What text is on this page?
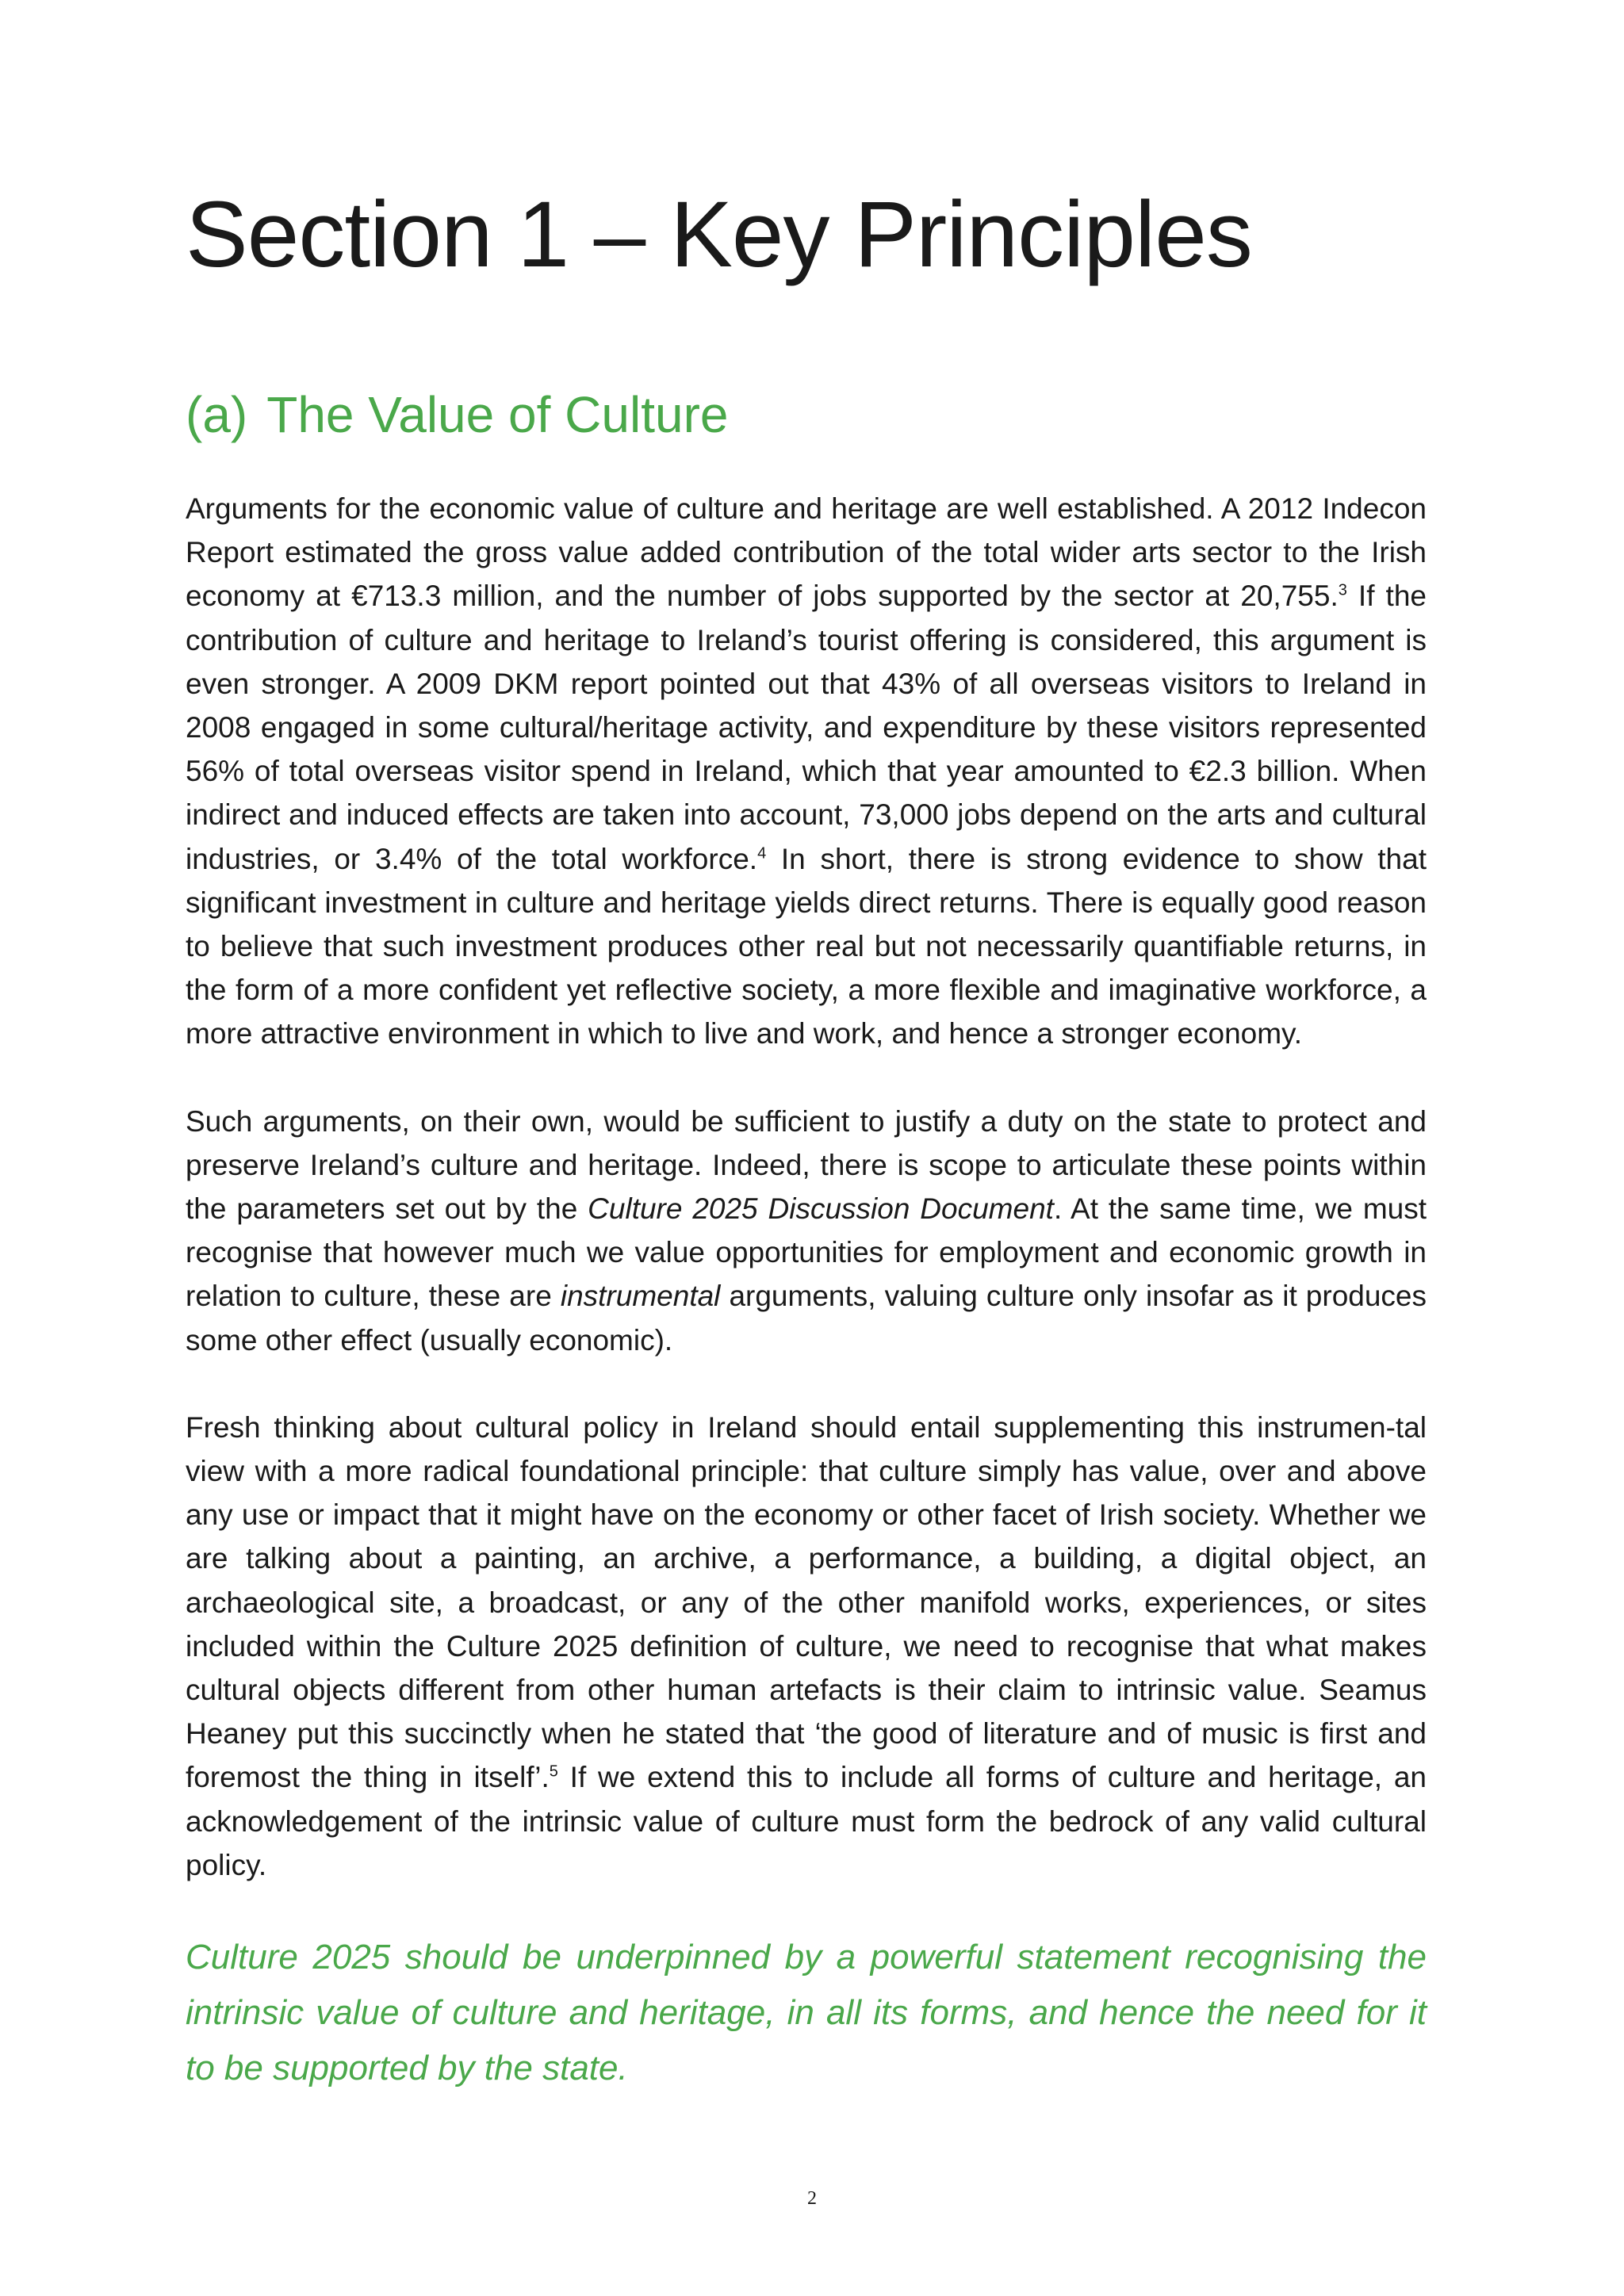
Section 1 – Key Principles
(a) The Value of Culture

Arguments for the economic value of culture and heritage are well established. A 2012 Indecon Report estimated the gross value added contribution of the total wider arts sector to the Irish economy at €713.3 million, and the number of jobs supported by the sector at 20,755.$^3$ If the contribution of culture and heritage to Ireland’s tourist offering is considered, this argument is even stronger. A 2009 DKM report pointed out that 43% of all overseas visitors to Ireland in 2008 engaged in some cultural/heritage activity, and expenditure by these visitors represented 56% of total overseas visitor spend in Ireland, which that year amounted to €2.3 billion. When indirect and induced effects are taken into account, 73,000 jobs depend on the arts and cultural industries, or 3.4% of the total workforce.$^4$ In short, there is strong evidence to show that significant investment in culture and heritage yields direct returns. There is equally good reason to believe that such investment produces other real but not necessarily quantifiable returns, in the form of a more confident yet reflective society, a more flexible and imaginative workforce, a more attractive environment in which to live and work, and hence a stronger economy.

Such arguments, on their own, would be sufficient to justify a duty on the state to protect and preserve Ireland’s culture and heritage. Indeed, there is scope to articulate these points within the parameters set out by the Culture 2025 Discussion Document. At the same time, we must recognise that however much we value opportunities for employment and economic growth in relation to culture, these are instrumental arguments, valuing culture only insofar as it produces some other effect (usually economic).

Fresh thinking about cultural policy in Ireland should entail supplementing this instrumen-tal view with a more radical foundational principle: that culture simply has value, over and above any use or impact that it might have on the economy or other facet of Irish society. Whether we are talking about a painting, an archive, a performance, a building, a digital object, an archaeological site, a broadcast, or any of the other manifold works, experiences, or sites included within the Culture 2025 definition of culture, we need to recognise that what makes cultural objects different from other human artefacts is their claim to intrinsic value. Seamus Heaney put this succinctly when he stated that ‘the good of literature and of music is first and foremost the thing in itself’.$^5$ If we extend this to include all forms of culture and heritage, an acknowledgement of the intrinsic value of culture must form the bedrock of any valid cultural policy.

Culture 2025 should be underpinned by a powerful statement recognising the intrinsic value of culture and heritage, in all its forms, and hence the need for it to be supported by the state.

2
